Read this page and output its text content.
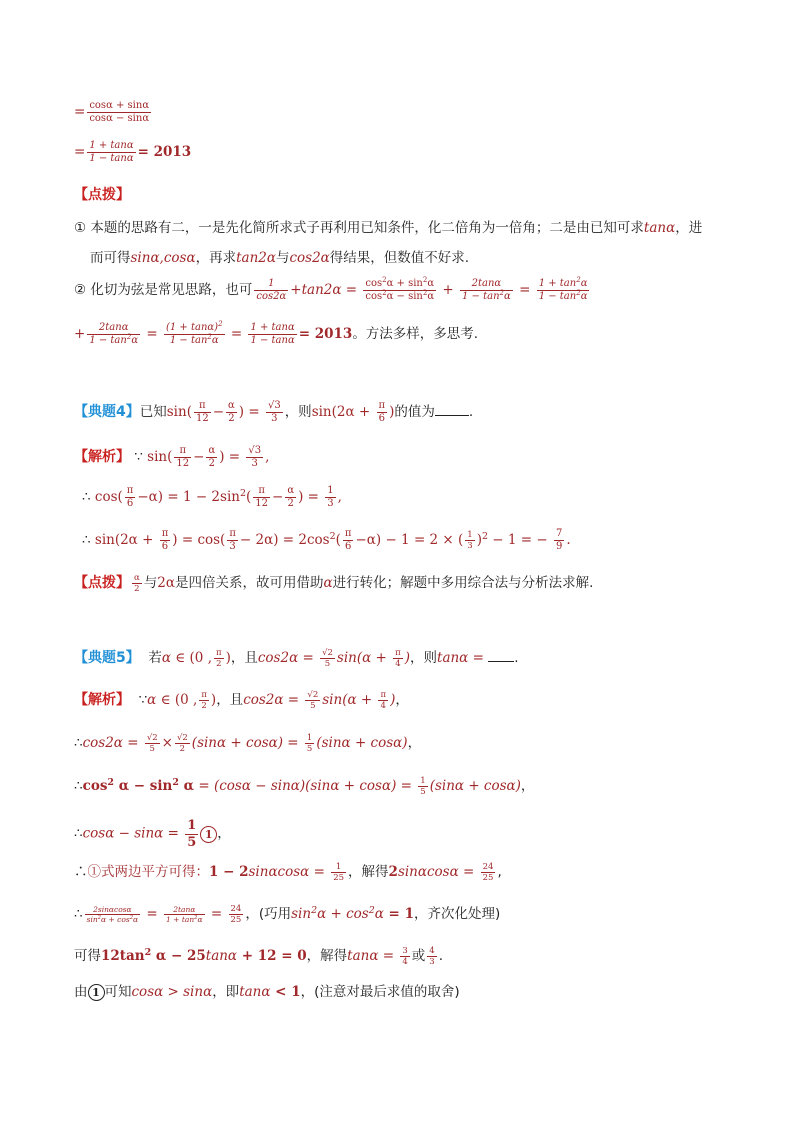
= $\frac{\cos\alpha + \sin\alpha}{\cos\alpha - \sin\alpha}$
= $\frac{1 + \tan\alpha}{1 - \tan\alpha} = 2013$
【点拨】
① 本题的思路有二，一是先化简所求式子再利用已知条件，化二倍角为一倍角；二是由已知可求tanα，进
而可得sinα,cosα，再求tan2α与cos2α得结果，但数值不好求.
② 化切为弦是常见思路，也可 $\frac{1}{\cos 2\alpha} +\tan 2\alpha = \frac{\cos^2\alpha + \sin^2\alpha}{\cos^2\alpha - \sin^2\alpha} + \frac{2\tan\alpha}{1 - \tan^2\alpha} = \frac{1 + \tan^2\alpha}{1 - \tan^2\alpha}$
+ $\frac{2\tan\alpha}{1 - \tan^2\alpha} = \frac{(1 + \tan\alpha)^2}{1 - \tan^2\alpha} = \frac{1 + \tan\alpha}{1 - \tan\alpha} = 2013$。方法多样，多思考.
【典题4】已知$\sin( \frac{\pi}{12} - \frac{\alpha}{2}$ ) = $\frac{√3}{3}$ ，则$\sin(2\alpha + \frac{\pi}{6}$ )的值为	.
【解析】 ∵ $\sin( \frac{\pi}{12} - \frac{\alpha}{2}$ ) = $\frac{√3}{3}$ ,
∴ $\cos( \frac{\pi}{6} -\alpha) = 1 - 2\sin^2( \frac{\pi}{12} - \frac{\alpha}{2}$ ) = $\frac{1}{3}$ ,
∴ $\sin(2\alpha + \frac{\pi}{6}$ ) = $\cos( \frac{\pi}{3} - 2\alpha) = 2\cos^2( \frac{\pi}{6} -\alpha) - 1 = 2$ × ( $\frac{1}{3} )^2 - 1$ = − $\frac{7}{9}$ .
【点拨】 $\frac{\alpha}{2}$ 与2α是四倍关系，故可用借助α进行转化；解题中多用综合法与分析法求解.
【典题5】 若α ∈ (0 , $\frac{\pi}{2}$ )，且$\cos 2\alpha = \frac{√2}{5} \sin(\alpha + \frac{\pi}{4}$ )，则tanα = .
【解析】  ∵α ∈ (0 , $\frac{\pi}{2}$ )，且$\cos 2\alpha = \frac{√2}{5} \sin(\alpha + \frac{\pi}{4}$ )，
∴cos2α = $\frac{√2}{5} \times \frac{√2}{2} (\sin\alpha + \cos\alpha) = \frac{1}{5} (\sin\alpha + \cos\alpha)$，
$\therefore\cos^2$ $\alpha - \sin^2 \alpha = (\cos\alpha - \sin\alpha)(\sin\alpha + \cos\alpha) = \frac{1}{5} (\sin\alpha + \cos\alpha)$，
∴cosα − $\sin\alpha = \frac{1}{5} 1$ ，
∴①式两边平方可得：$1 - 2\sin\alpha\cos\alpha = \frac{1}{25}$ ，解得$2\sin\alpha\cos\alpha = \frac{24}{25}$ ,
∴ $\frac{2\sin\alpha\cos\alpha}{\sin^2\alpha + \cos^2\alpha} = \frac{2\tan\alpha}{1 + \tan^2\alpha} = \frac{24}{25}$ ，(巧用$\sin^2\alpha + \cos^2\alpha = 1$，齐次化处理)
可得$12\tan^2$ α − 25tanα + 12 = 0，解得$\tan\alpha = \frac{3}{4}$ 或 $\frac{4}{3}$ .
由 1 可知cosα > sinα，即tanα < 1，(注意对最后求值的取舍)
